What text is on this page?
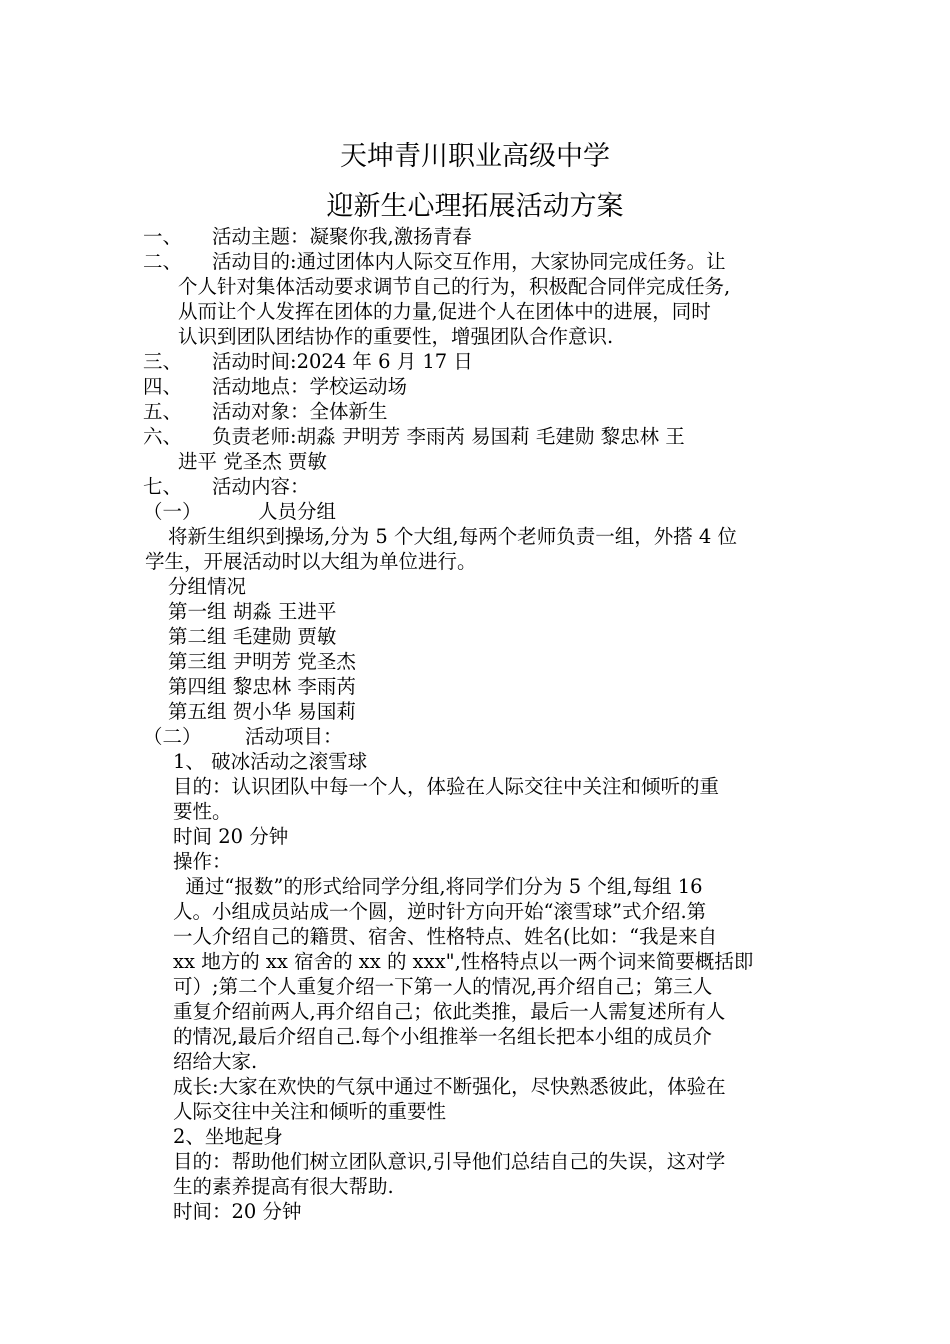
天坤青川职业高级中学
迎新生心理拓展活动方案
一、 活动主题：凝聚你我,激扬青春
二、 活动目的:通过团体内人际交互作用，大家协同完成任务。让
个人针对集体活动要求调节自己的行为，积极配合同伴完成任务,
从而让个人发挥在团体的力量,促进个人在团体中的进展，同时
认识到团队团结协作的重要性，增强团队合作意识.
三、 活动时间:2024 年 6 月 17 日
四、 活动地点：学校运动场
五、 活动对象：全体新生
六、 负责老师:胡淼 尹明芳 李雨芮 易国莉 毛建勋 黎忠林 王
进平 党圣杰 贾敏
七、 活动内容：
（一）	人员分组
将新生组织到操场,分为 5 个大组,每两个老师负责一组，外搭 4 位
学生，开展活动时以大组为单位进行。
分组情况
第一组 胡淼 王进平
第二组 毛建勋 贾敏
第三组 尹明芳 党圣杰
第四组 黎忠林 李雨芮
第五组 贺小华 易国莉
（二） 活动项目：
1、 破冰活动之滚雪球
目的：认识团队中每一个人，体验在人际交往中关注和倾听的重
要性。
时间 20 分钟
操作：
通过“报数”的形式给同学分组,将同学们分为 5 个组,每组 16
人。小组成员站成一个圆，逆时针方向开始“滚雪球”式介绍.第
一人介绍自己的籍贯、宿舍、性格特点、姓名(比如：“我是来自
xx 地方的 xx 宿舍的 xx 的 xxx",性格特点以一两个词来简要概括即
可）;第二个人重复介绍一下第一人的情况,再介绍自己；第三人
重复介绍前两人,再介绍自己；依此类推，最后一人需复述所有人
的情况,最后介绍自己.每个小组推举一名组长把本小组的成员介
绍给大家.
成长:大家在欢快的气氛中通过不断强化，尽快熟悉彼此，体验在
人际交往中关注和倾听的重要性
2、坐地起身
目的：帮助他们树立团队意识,引导他们总结自己的失误，这对学
生的素养提高有很大帮助.
时间：20 分钟
